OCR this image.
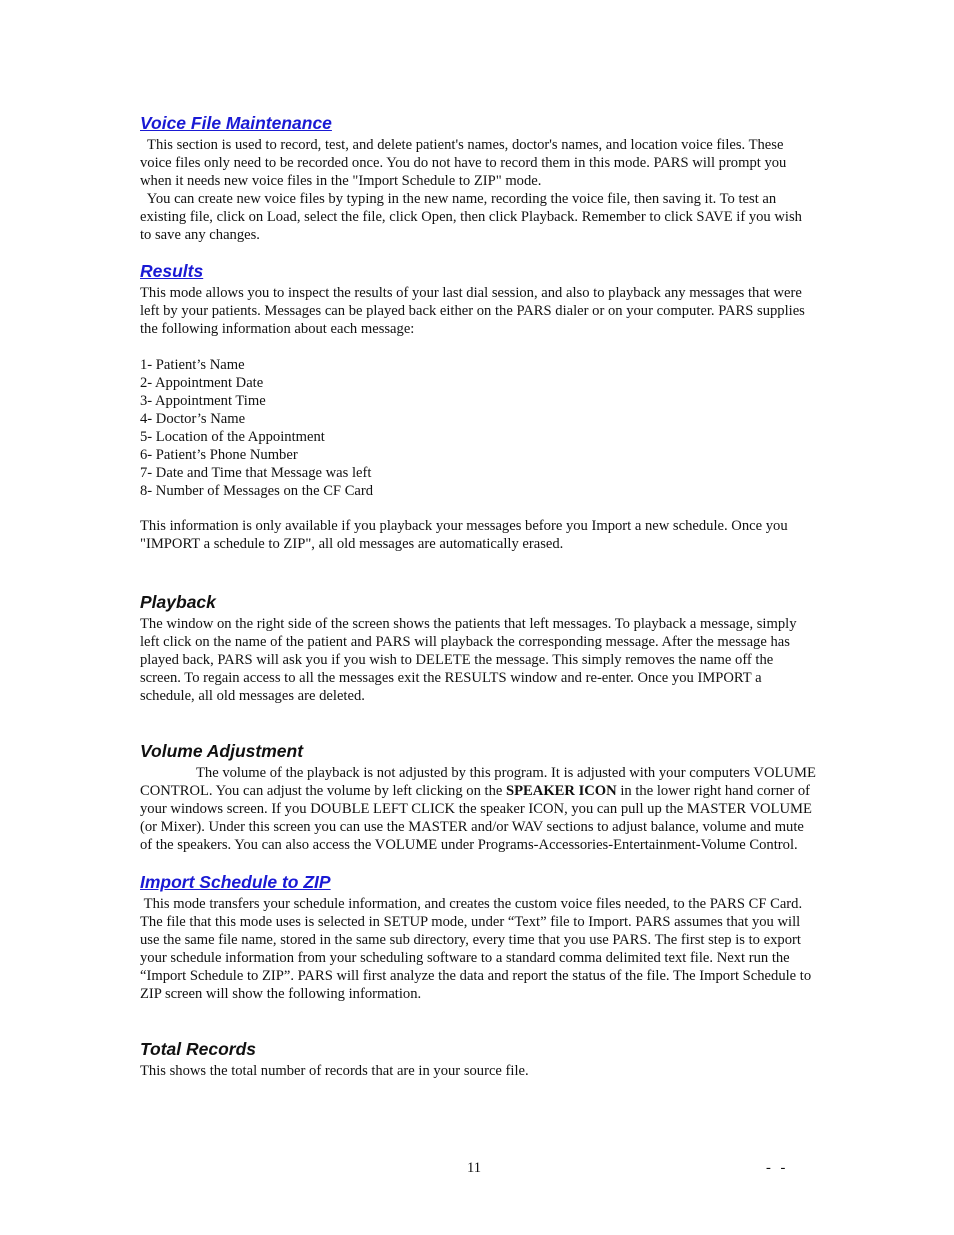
Voice File Maintenance

This section is used to record, test, and delete patient's names, doctor's names, and location voice files. These voice files only need to be recorded once. You do not have to record them in this mode. PARS will prompt you when it needs new voice files in the "Import Schedule to ZIP" mode.

You can create new voice files by typing in the new name, recording the voice file, then saving it. To test an existing file, click on Load, select the file, click Open, then click Playback. Remember to click SAVE if you wish to save any changes.

Results

This mode allows you to inspect the results of your last dial session, and also to playback any messages that were left by your patients. Messages can be played back either on the PARS dialer or on your computer. PARS supplies the following information about each message:

1- Patient’s Name
2- Appointment Date
3- Appointment Time
4- Doctor’s Name
5- Location of the Appointment
6- Patient’s Phone Number
7- Date and Time that Message was left
8- Number of Messages on the CF Card

This information is only available if you playback your messages before you Import a new schedule. Once you "IMPORT a schedule to ZIP", all old messages are automatically erased.

Playback

The window on the right side of the screen shows the patients that left messages. To playback a message, simply left click on the name of the patient and PARS will playback the corresponding message. After the message has played back, PARS will ask you if you wish to DELETE the message. This simply removes the name off the screen. To regain access to all the messages exit the RESULTS window and re-enter. Once you IMPORT a schedule, all old messages are deleted.

Volume Adjustment

The volume of the playback is not adjusted by this program. It is adjusted with your computers VOLUME CONTROL. You can adjust the volume by left clicking on the SPEAKER ICON in the lower right hand corner of your windows screen. If you DOUBLE LEFT CLICK the speaker ICON, you can pull up the MASTER VOLUME (or Mixer). Under this screen you can use the MASTER and/or WAV sections to adjust balance, volume and mute of the speakers. You can also access the VOLUME under Programs-Accessories-Entertainment-Volume Control.

Import Schedule to ZIP

This mode transfers your schedule information, and creates the custom voice files needed, to the PARS CF Card. The file that this mode uses is selected in SETUP mode, under “Text” file to Import. PARS assumes that you will use the same file name, stored in the same sub directory, every time that you use PARS. The first step is to export your schedule information from your scheduling software to a standard comma delimited text file. Next run the “Import Schedule to ZIP”. PARS will first analyze the data and report the status of the file. The Import Schedule to ZIP screen will show the following information.

Total Records

This shows the total number of records that are in your source file.

11	- -
